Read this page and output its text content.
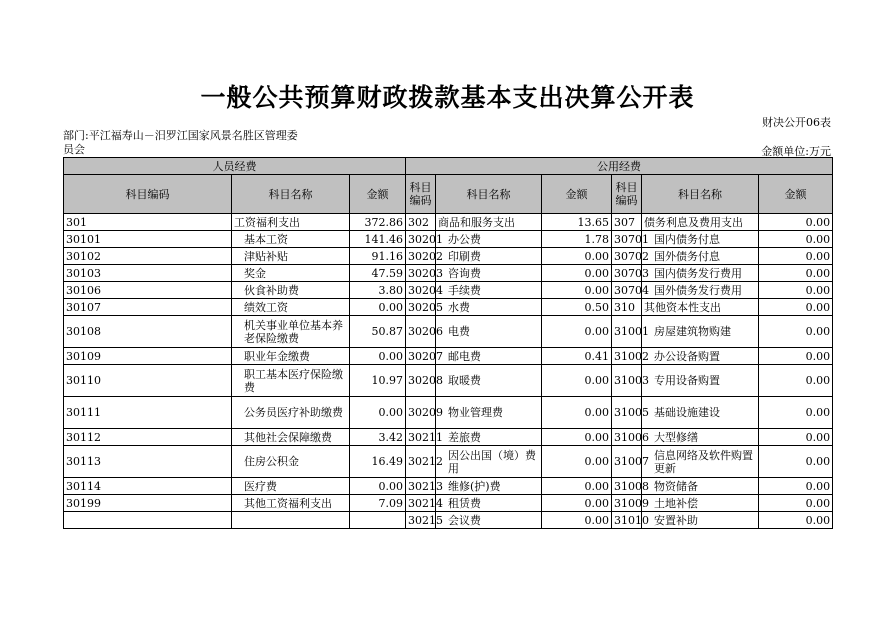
一般公共预算财政拨款基本支出决算公开表
财决公开06表
部门:平江福寿山－汨罗江国家风景名胜区管理委员会	金额单位:万元
人员经费			公用经费					
科目编码	科目名称	金额	科目编码	科目名称	金额	科目编码	科目名称	金额
301	工资福利支出	372.86	302	商品和服务支出	13.65	307	债务利息及费用支出	0.00
30101	基本工资	141.46	30201	办公费	1.78	30701	国内债务付息	0.00
30102	津贴补贴	91.16	30202	印刷费	0.00	30702	国外债务付息	0.00
30103	奖金	47.59	30203	咨询费	0.00	30703	国内债务发行费用	0.00
30106	伙食补助费	3.80	30204	手续费	0.00	30704	国外债务发行费用	0.00
30107	绩效工资	0.00	30205	水费	0.50	310	其他资本性支出	0.00
30108	机关事业单位基本养老保险缴费	50.87	30206	电费	0.00	31001	房屋建筑物购建	0.00
30109	职业年金缴费	0.00	30207	邮电费	0.41	31002	办公设备购置	0.00
30110	职工基本医疗保险缴费	10.97	30208	取暖费	0.00	31003	专用设备购置	0.00
30111	公务员医疗补助缴费	0.00	30209	物业管理费	0.00	31005	基础设施建设	0.00
30112	其他社会保障缴费	3.42	30211	差旅费	0.00	31006	大型修缮	0.00
30113	住房公积金	16.49	30212	因公出国（境）费用	0.00	31007	信息网络及软件购置更新	0.00
30114	医疗费	0.00	30213	维修(护)费	0.00	31008	物资储备	0.00
30199	其他工资福利支出	7.09	30214	租赁费	0.00	31009	土地补偿	0.00
			30215	会议费	0.00	31010	安置补助	0.00
